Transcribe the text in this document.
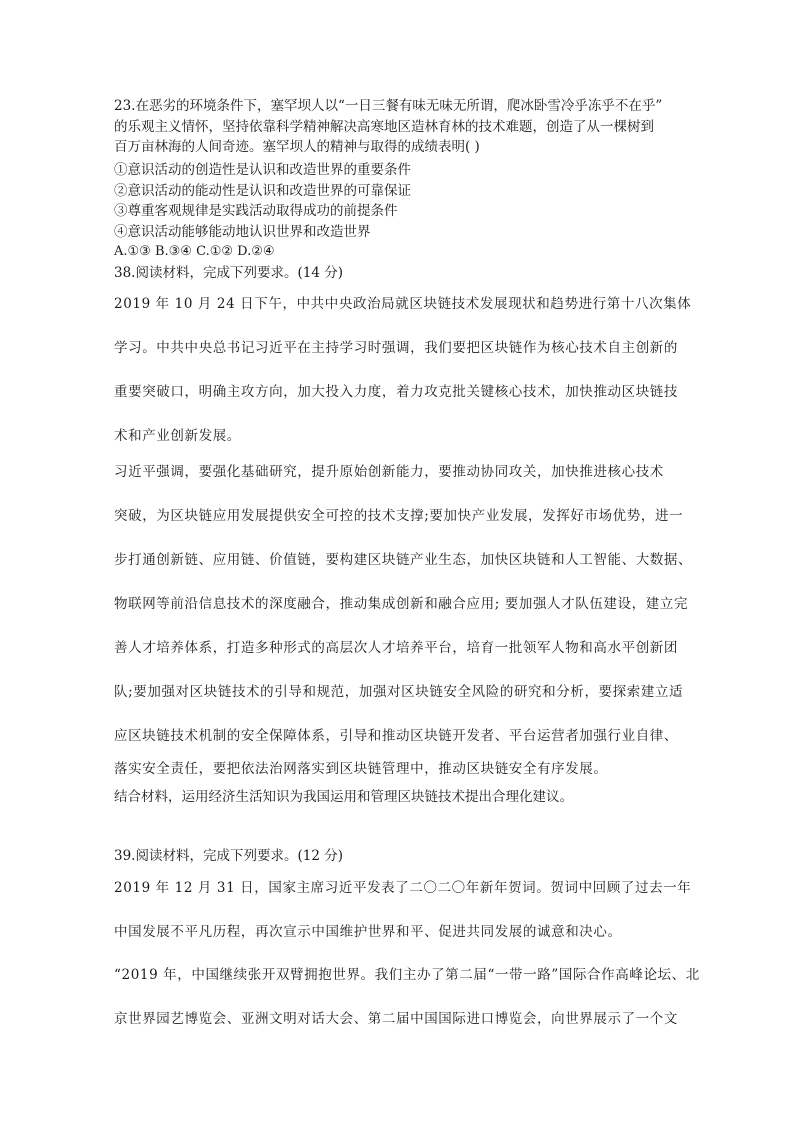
23.在恶劣的环境条件下，塞罕坝人以“一日三餐有味无味无所谓，爬冰卧雪冷乎冻乎不在乎”

的乐观主义情怀，坚持依靠科学精神解决高寒地区造林育林的技术难题，创造了从一棵树到

百万亩林海的人间奇迹。塞罕坝人的精神与取得的成绩表明( )

①意识活动的创造性是认识和改造世界的重要条件

②意识活动的能动性是认识和改造世界的可靠保证

③尊重客观规律是实践活动取得成功的前提条件

④意识活动能够能动地认识世界和改造世界

A.①③ B.③④ C.①② D.②④

38.阅读材料，完成下列要求。(14 分)

2019 年 10 月 24 日下午，中共中央政治局就区块链技术发展现状和趋势进行第十八次集体
学习。中共中央总书记习近平在主持学习时强调，我们要把区块链作为核心技术自主创新的
重要突破口，明确主攻方向，加大投入力度，着力攻克批关键核心技术，加快推动区块链技
术和产业创新发展。
习近平强调，要强化基础研究，提升原始创新能力，要推动协同攻关，加快推进核心技术
突破，为区块链应用发展提供安全可控的技术支撑;要加快产业发展，发挥好市场优势，进一
步打通创新链、应用链、价值链，要构建区块链产业生态，加快区块链和人工智能、大数据、
物联网等前沿信息技术的深度融合，推动集成创新和融合应用; 要加强人才队伍建设，建立完
善人才培养体系，打造多种形式的高层次人才培养平台，培育一批领军人物和高水平创新团
队;要加强对区块链技术的引导和规范，加强对区块链安全风险的研究和分析，要探索建立适
应区块链技术机制的安全保障体系，引导和推动区块链开发者、平台运营者加强行业自律、
落实安全责任，要把依法治网落实到区块链管理中，推动区块链安全有序发展。

结合材料，运用经济生活知识为我国运用和管理区块链技术提出合理化建议。

39.阅读材料，完成下列要求。(12 分)

2019 年 12 月 31 日，国家主席习近平发表了二〇二〇年新年贺词。贺词中回顾了过去一年
中国发展不平凡历程，再次宣示中国维护世界和平、促进共同发展的诚意和决心。
“2019 年，中国继续张开双臂拥抱世界。我们主办了第二届“一带一路”国际合作高峰论坛、北
京世界园艺博览会、亚洲文明对话大会、第二届中国国际进口博览会，向世界展示了一个文
